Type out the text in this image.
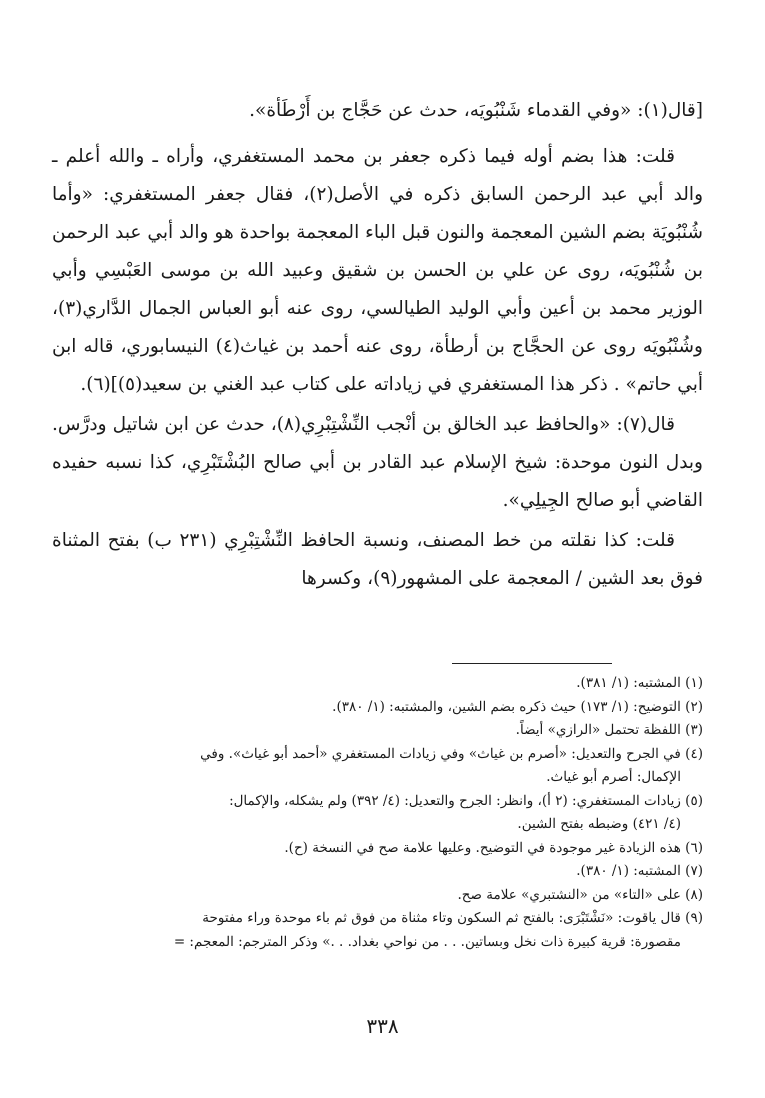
[قال(١): «وفي القدماء شَنْبُويَه، حدث عن حَجَّاج بن أَرْطَأة».

قلت: هذا بضم أوله فيما ذكره جعفر بن محمد المستغفري، وأراه ـ والله أعلم ـ والد أبي عبد الرحمن السابق ذكره في الأصل(٢)، فقال جعفر المستغفري: «وأما شُنْبُويَة بضم الشين المعجمة والنون قبل الباء المعجمة بواحدة هو والد أبي عبد الرحمن بن شُنْبُويَه، روى عن علي بن الحسن بن شقيق وعبيد الله بن موسى العَبْسِي وأبي الوزير محمد بن أعين وأبي الوليد الطيالسي، روى عنه أبو العباس الجمال الدَّاري(٣)، وشُنْبُويَه روى عن الحجَّاج بن أرطأة، روى عنه أحمد بن غياث(٤) النيسابوري، قاله ابن أبي حاتم» . ذكر هذا المستغفري في زياداته على كتاب عبد الغني بن سعيد(٥)](٦).

قال(٧): «والحافظ عبد الخالق بن أنْجب النِّشْتِبْرِي(٨)، حدث عن ابن شاتيل ودرَّس. وبدل النون موحدة: شيخ الإسلام عبد القادر بن أبي صالح البُشْتَبْرِي، كذا نسبه حفيده القاضي أبو صالح الجِيلِي».

قلت: كذا نقلته من خط المصنف، ونسبة الحافظ النِّشْتِبْرِي (٢٣١ ب) بفتح المثناة فوق بعد الشين / المعجمة على المشهور(٩)، وكسرها

(١) المشتبه: (١/ ٣٨١).
(٢) التوضيح: (١/ ١٧٣) حيث ذكره بضم الشين، والمشتبه: (١/ ٣٨٠).
(٣) اللفظة تحتمل «الرازي» أيضاً.
(٤) في الجرح والتعديل: «أصرم بن غياث» وفي زيادات المستغفري «أحمد أبو غياث». وفي
الإكمال: أصرم أبو غياث.
(٥) زيادات المستغفري: (٢ أ)، وانظر: الجرح والتعديل: (٤/ ٣٩٢) ولم يشكله، والإكمال:
(٤/ ٤٢١) وضبطه بفتح الشين.
(٦) هذه الزيادة غير موجودة في التوضيح. وعليها علامة صح في النسخة (ح).
(٧) المشتبه: (١/ ٣٨٠).
(٨) على «التاء» من «النشتبري» علامة صح.
(٩) قال ياقوت: «نَشْتَبْرَى: بالفتح ثم السكون وتاء مثناة من فوق ثم باء موحدة وراء مفتوحة
مقصورة: قرية كبيرة ذات نخل وبساتين. . . من نواحي بغداد. . .» وذكر المترجم: المعجم: =
٣٣٨
